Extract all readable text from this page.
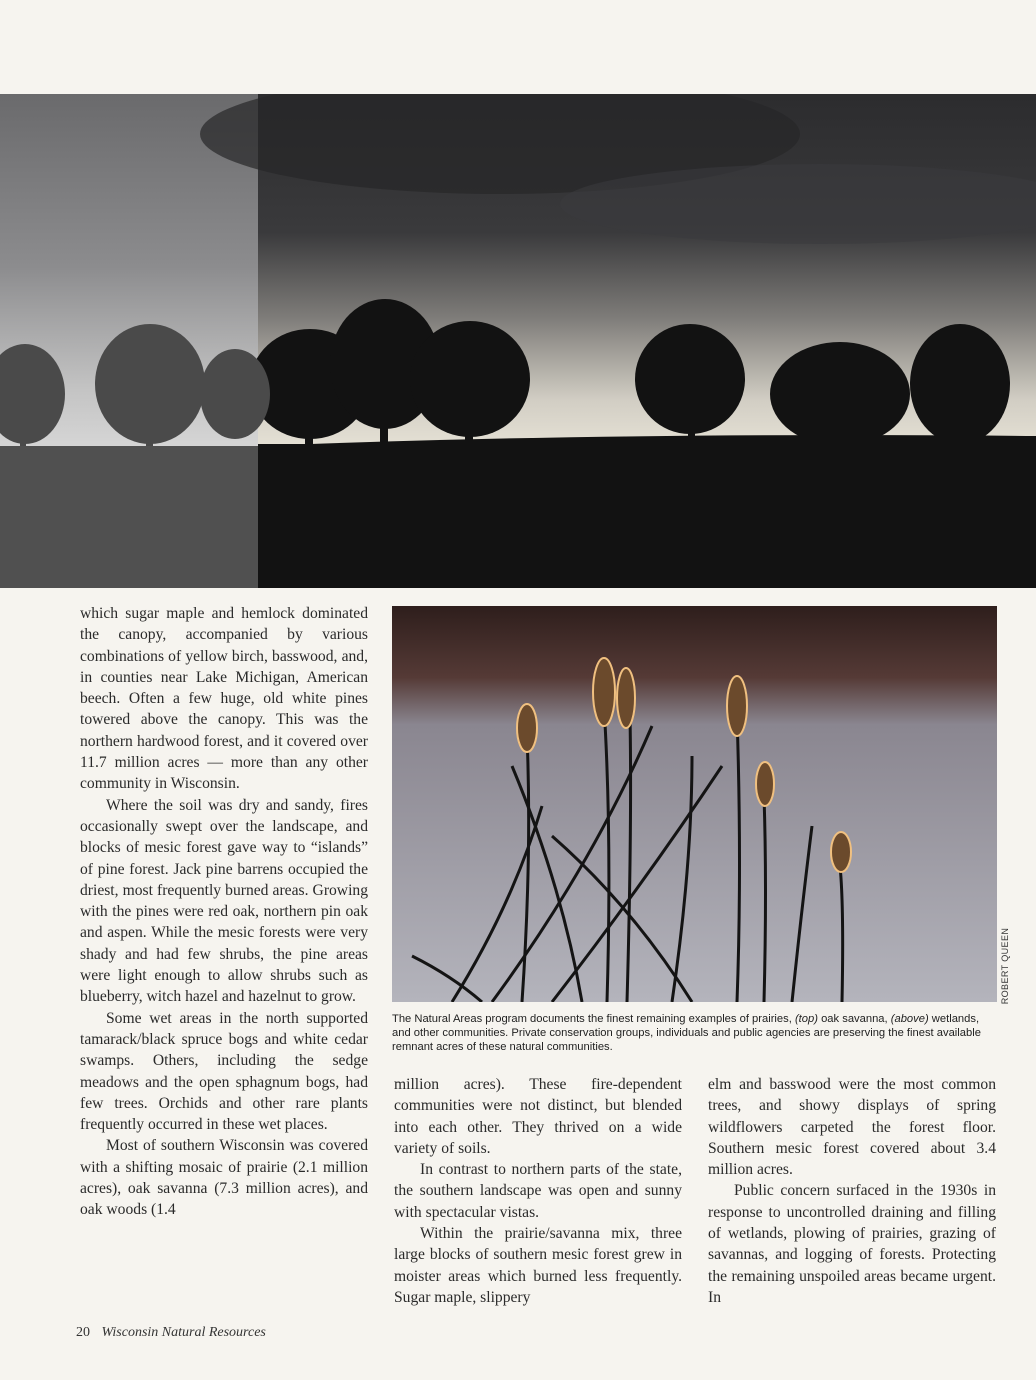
ROBERT QUEEN

The Natural Areas program documents the finest remaining examples of prairies, (top) oak savanna, (above) wetlands, and other communities. Private conservation groups, individuals and public agencies are preserving the finest available remnant acres of these natural communities.

which sugar maple and hemlock dominated the canopy, accompanied by various combinations of yellow birch, basswood, and, in counties near Lake Michigan, American beech. Often a few huge, old white pines towered above the canopy. This was the northern hardwood forest, and it covered over 11.7 million acres — more than any other community in Wisconsin.

Where the soil was dry and sandy, fires occasionally swept over the landscape, and blocks of mesic forest gave way to “islands” of pine forest. Jack pine barrens occupied the driest, most frequently burned areas. Growing with the pines were red oak, northern pin oak and aspen. While the mesic forests were very shady and had few shrubs, the pine areas were light enough to allow shrubs such as blueberry, witch hazel and hazelnut to grow.

Some wet areas in the north supported tamarack/black spruce bogs and white cedar swamps. Others, including the sedge meadows and the open sphagnum bogs, had few trees. Orchids and other rare plants frequently occurred in these wet places.

Most of southern Wisconsin was covered with a shifting mosaic of prairie (2.1 million acres), oak savanna (7.3 million acres), and oak woods (1.4

million acres). These fire-dependent communities were not distinct, but blended into each other. They thrived on a wide variety of soils.

In contrast to northern parts of the state, the southern landscape was open and sunny with spectacular vistas.

Within the prairie/savanna mix, three large blocks of southern mesic forest grew in moister areas which burned less frequently. Sugar maple, slippery

elm and basswood were the most common trees, and showy displays of spring wildflowers carpeted the forest floor. Southern mesic forest covered about 3.4 million acres.

Public concern surfaced in the 1930s in response to uncontrolled draining and filling of wetlands, plowing of prairies, grazing of savannas, and logging of forests. Protecting the remaining unspoiled areas became urgent. In

20 Wisconsin Natural Resources
